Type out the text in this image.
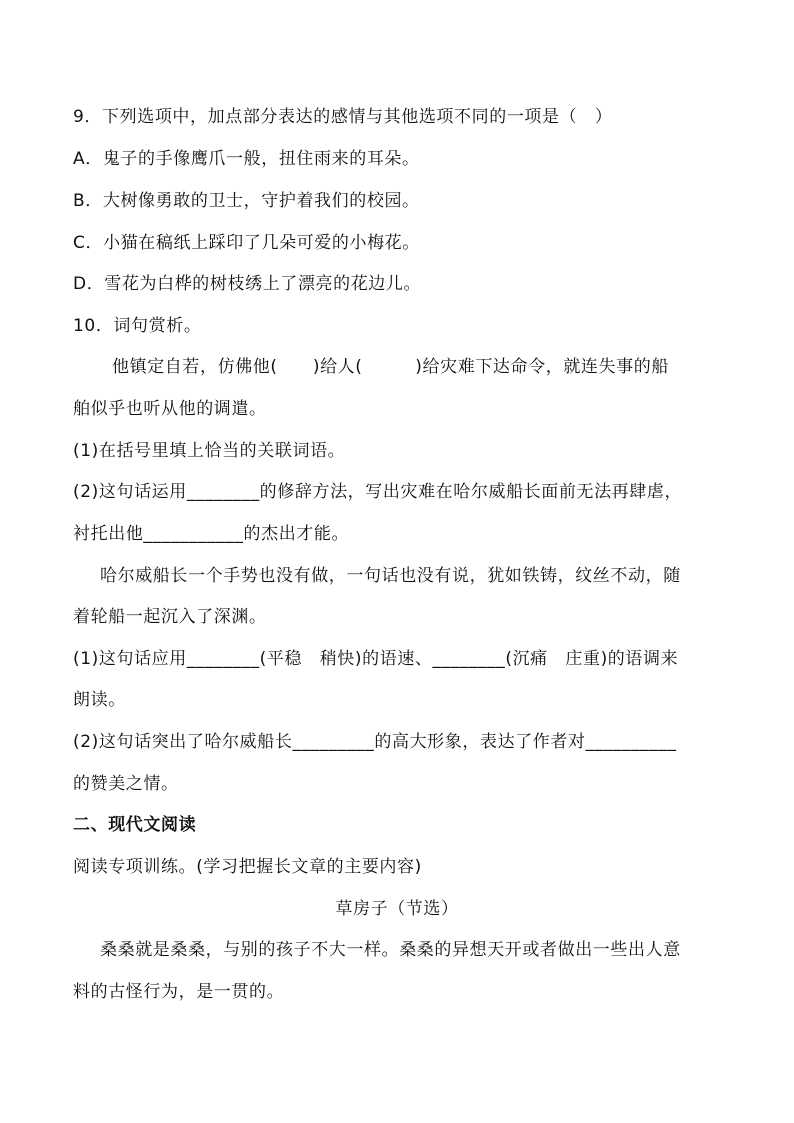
9．下列选项中，加点部分表达的感情与其他选项不同的一项是（　）
A．鬼子的手像鹰爪一般，扭住雨来的耳朵。
B．大树像勇敢的卫士，守护着我们的校园。
C．小猫在稿纸上踩印了几朵可爱的小梅花。
D．雪花为白桦的树枝绣上了漂亮的花边儿。
10．词句赏析。
他镇定自若，仿佛他(　　)给人(　　　)给灾难下达命令，就连失事的船
舶似乎也听从他的调遣。
(1)在括号里填上恰当的关联词语。
(2)这句话运用________的修辞方法，写出灾难在哈尔威船长面前无法再肆虐，
衬托出他___________的杰出才能。
哈尔威船长一个手势也没有做，一句话也没有说，犹如铁铸，纹丝不动，随
着轮船一起沉入了深渊。
(1)这句话应用________(平稳　稍快)的语速、________(沉痛　庄重)的语调来
朗读。
(2)这句话突出了哈尔威船长_________的高大形象，表达了作者对__________
的赞美之情。
二、现代文阅读
阅读专项训练。(学习把握长文章的主要内容)
草房子（节选）
桑桑就是桑桑，与别的孩子不大一样。桑桑的异想天开或者做出一些出人意
料的古怪行为，是一贯的。
